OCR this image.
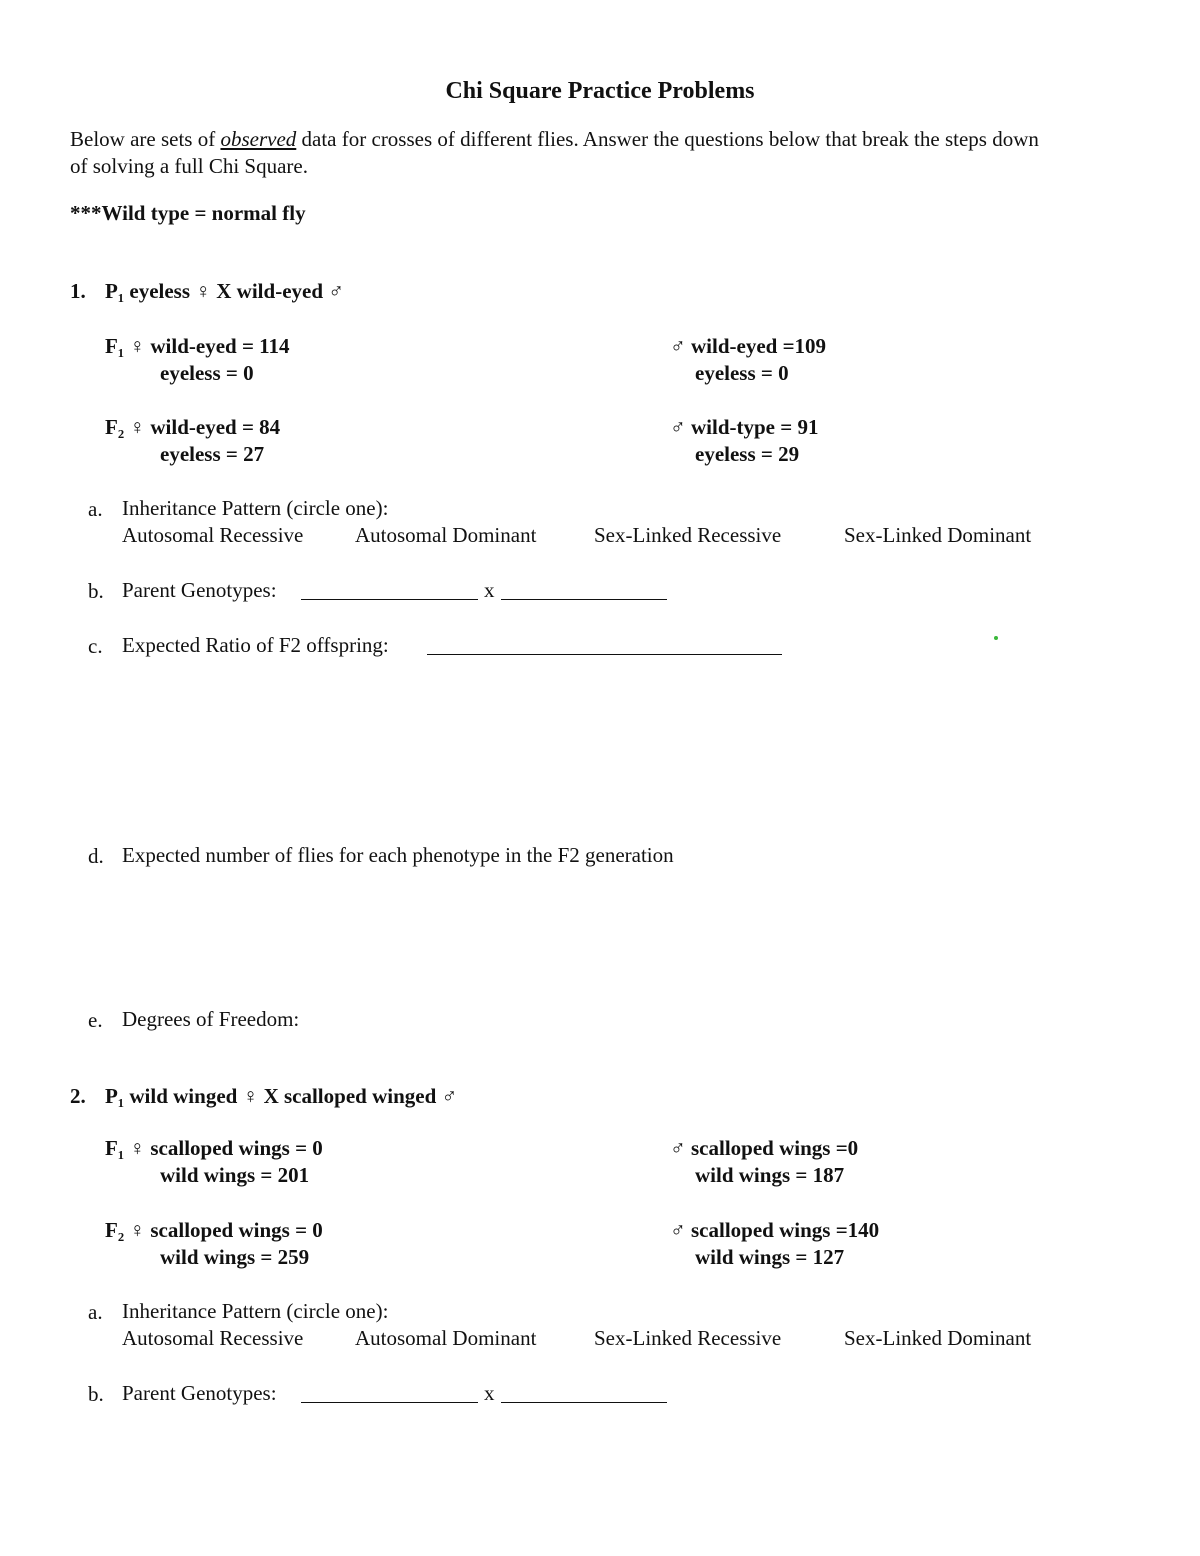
Chi Square Practice Problems
Below are sets of observed data for crosses of different flies. Answer the questions below that break the steps down
of solving a full Chi Square.
***Wild type = normal fly
1. P₁ eyeless ♀ X wild-eyed ♂
F₁ ♀ wild-eyed = 114
eyeless = 0
♂ wild-eyed =109
eyeless = 0
F₂ ♀ wild-eyed = 84
eyeless = 27
♂ wild-type = 91
eyeless = 29
a. Inheritance Pattern (circle one):
Autosomal Recessive Autosomal Dominant	Sex-Linked Recessive	Sex-Linked Dominant
b. Parent Genotypes:	x
c. Expected Ratio of F2 offspring:
d. Expected number of flies for each phenotype in the F2 generation
e. Degrees of Freedom:
2. P₁ wild winged ♀ X scalloped winged ♂
F₁ ♀ scalloped wings = 0
wild wings = 201
♂ scalloped wings =0
wild wings = 187
F₂ ♀ scalloped wings = 0
wild wings = 259
♂ scalloped wings =140
wild wings = 127
a. Inheritance Pattern (circle one):
Autosomal Recessive Autosomal Dominant	Sex-Linked Recessive	Sex-Linked Dominant
b. Parent Genotypes:	x
